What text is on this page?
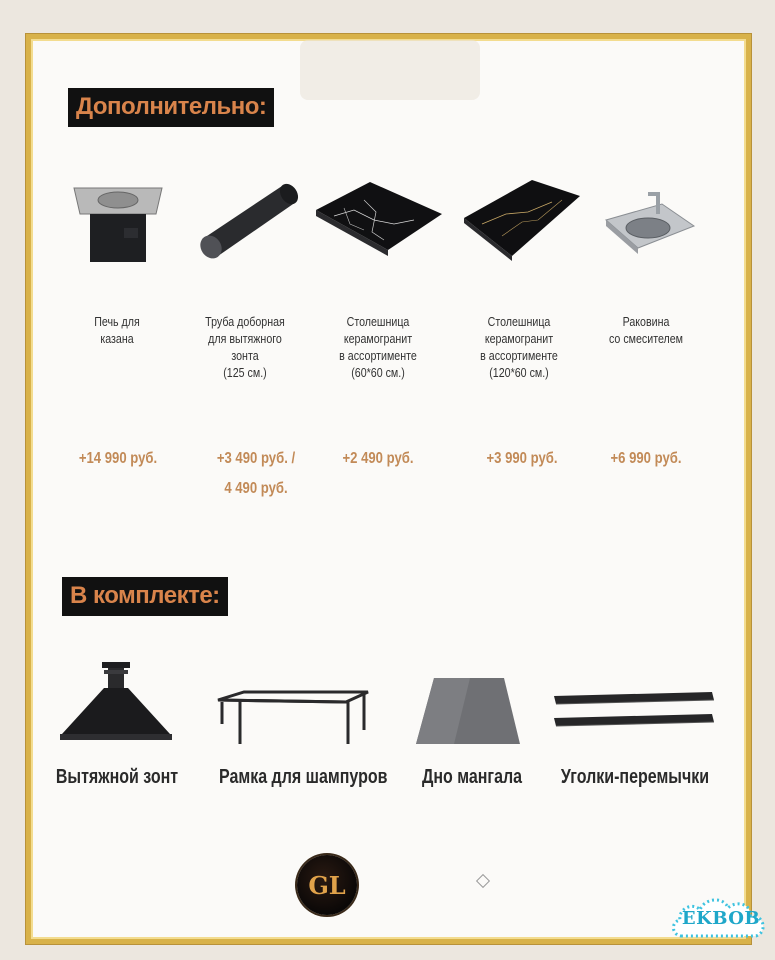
Дополнительно:
Печь для
казана
Труба доборная
для вытяжного
зонта
(125 см.)
Столешница
керамогранит
в ассортименте
(60*60 см.)
Столешница
керамогранит
в ассортименте
(120*60 см.)
Раковина
со смесителем
+14 990 руб.	+3 490 руб. /
4 490 руб.
+2 490 руб.	+3 990 руб.	+6 990 руб.
В комплекте:
Вытяжной зонт	Рамка для шампуров	Дно мангала	Уголки-перемычки
GL
EKBOB
